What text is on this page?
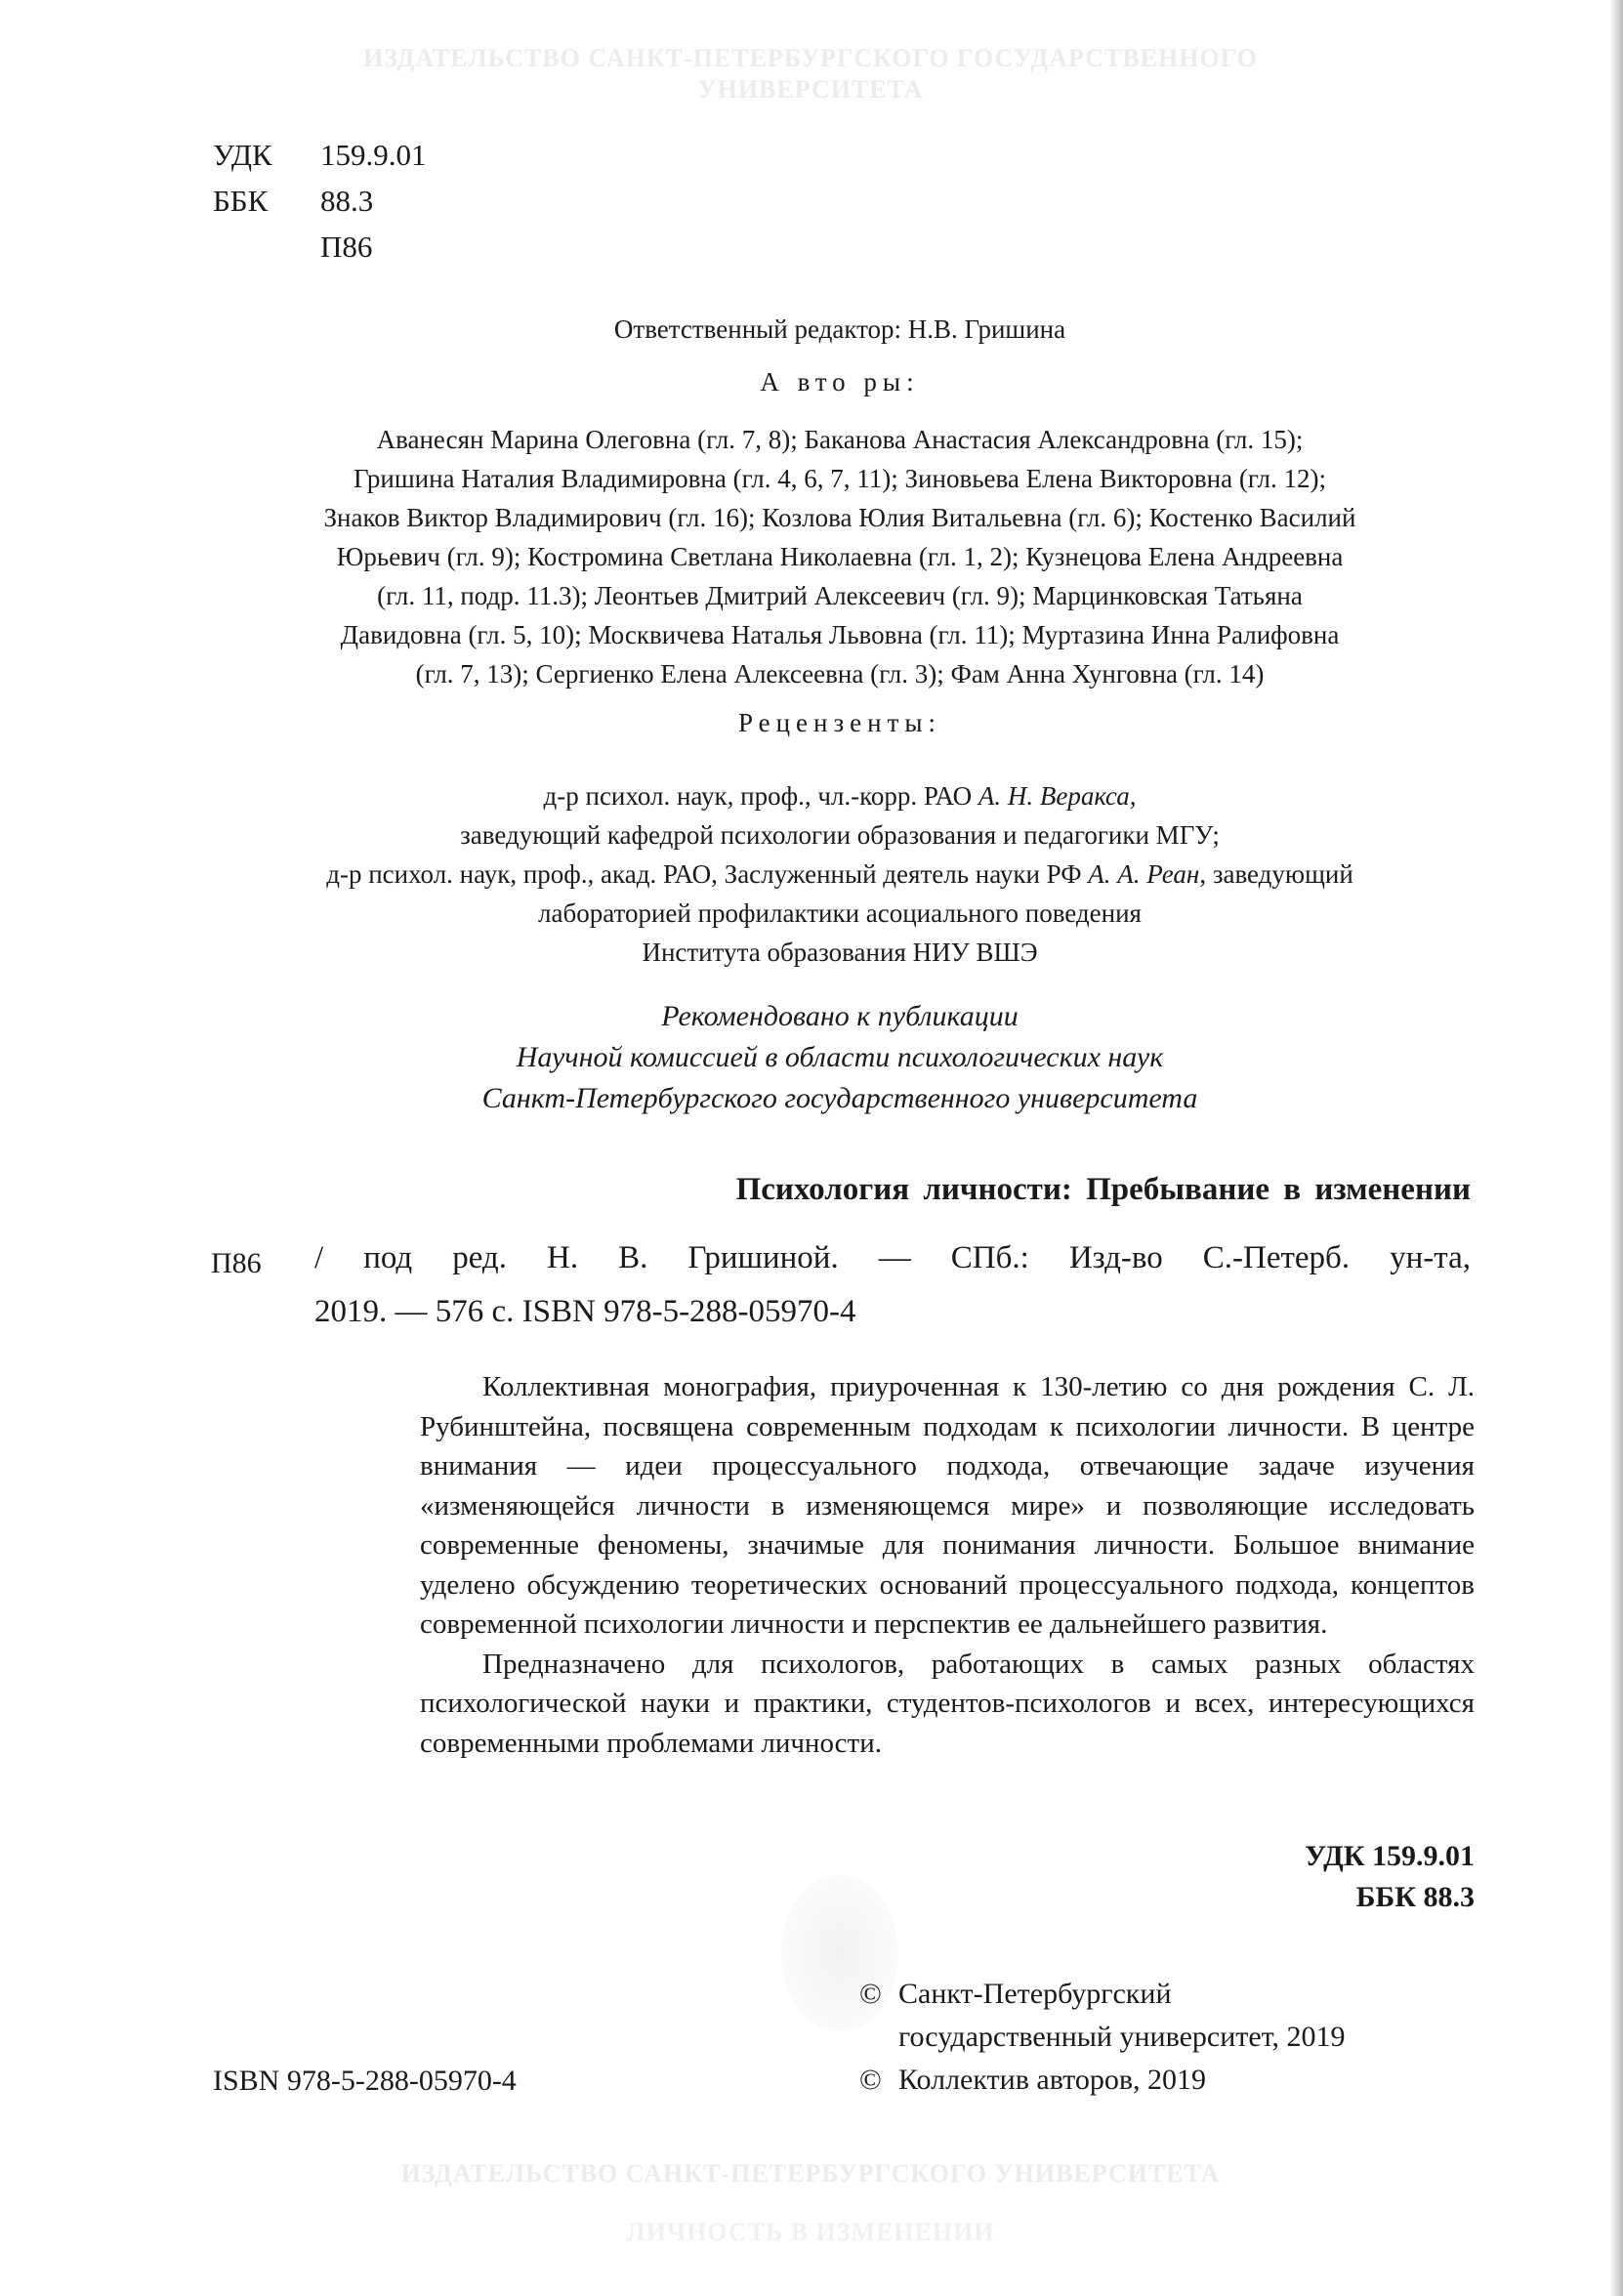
ИЗДАТЕЛЬСТВО САНКТ-ПЕТЕРБУРГСКОГО ГОСУДАРСТВЕННОГО УНИВЕРСИТЕТА
ЛИЧНОСТЬ В ИЗМЕНЕНИИ
ИЗДАТЕЛЬСТВО САНКТ-ПЕТЕРБУРГСКОГО УНИВЕРСИТЕТА
УДК	159.9.01
ББК	88.3
П86
Ответственный редактор: Н.В. Гришина
А вто ры:
Аванесян Марина Олеговна (гл. 7, 8); Баканова Анастасия Александровна (гл. 15);
Гришина Наталия Владимировна (гл. 4, 6, 7, 11); Зиновьева Елена Викторовна (гл. 12);
Знаков Виктор Владимирович (гл. 16); Козлова Юлия Витальевна (гл. 6); Костенко Василий
Юрьевич (гл. 9); Костромина Светлана Николаевна (гл. 1, 2); Кузнецова Елена Андреевна
(гл. 11, подр. 11.3); Леонтьев Дмитрий Алексеевич (гл. 9); Марцинковская Татьяна
Давидовна (гл. 5, 10); Москвичева Наталья Львовна (гл. 11); Муртазина Инна Ралифовна
(гл. 7, 13); Сергиенко Елена Алексеевна (гл. 3); Фам Анна Хунговна (гл. 14)
Рецензенты:
д-р психол. наук, проф., чл.-корр. РАО А. Н. Веракса,
заведующий кафедрой психологии образования и педагогики МГУ;
д-р психол. наук, проф., акад. РАО, Заслуженный деятель науки РФ А. А. Реан, заведующий
лабораторией профилактики асоциального поведения
Института образования НИУ ВШЭ
Рекомендовано к публикации
Научной комиссией в области психологических наук
Санкт-Петербургского государственного университета
Психология личности: Пребывание в изменении
П86 / под ред. Н. В. Гришиной. — СПб.: Изд-во С.-Петерб. ун-та,
2019. — 576 с. ISBN 978-5-288-05970-4

Коллективная монография, приуроченная к 130-летию со дня рождения С. Л. Рубинштейна, посвящена современным подходам к психологии личности. В центре внимания — идеи процессуального подхода, отвечающие задаче изучения «изменяющейся личности в изменяющемся мире» и позволяющие исследовать современные феномены, значимые для понимания личности. Большое внимание уделено обсуждению теоретических оснований процессуального подхода, концептов современной психологии личности и перспектив ее дальнейшего развития.

Предназначено для психологов, работающих в самых разных областях психологической науки и практики, студентов-психологов и всех, интересующихся современными проблемами личности.

УДК 159.9.01
ББК 88.3
© Санкт-Петербургский
государственный университет, 2019
© Коллектив авторов, 2019
ISBN 978-5-288-05970-4
